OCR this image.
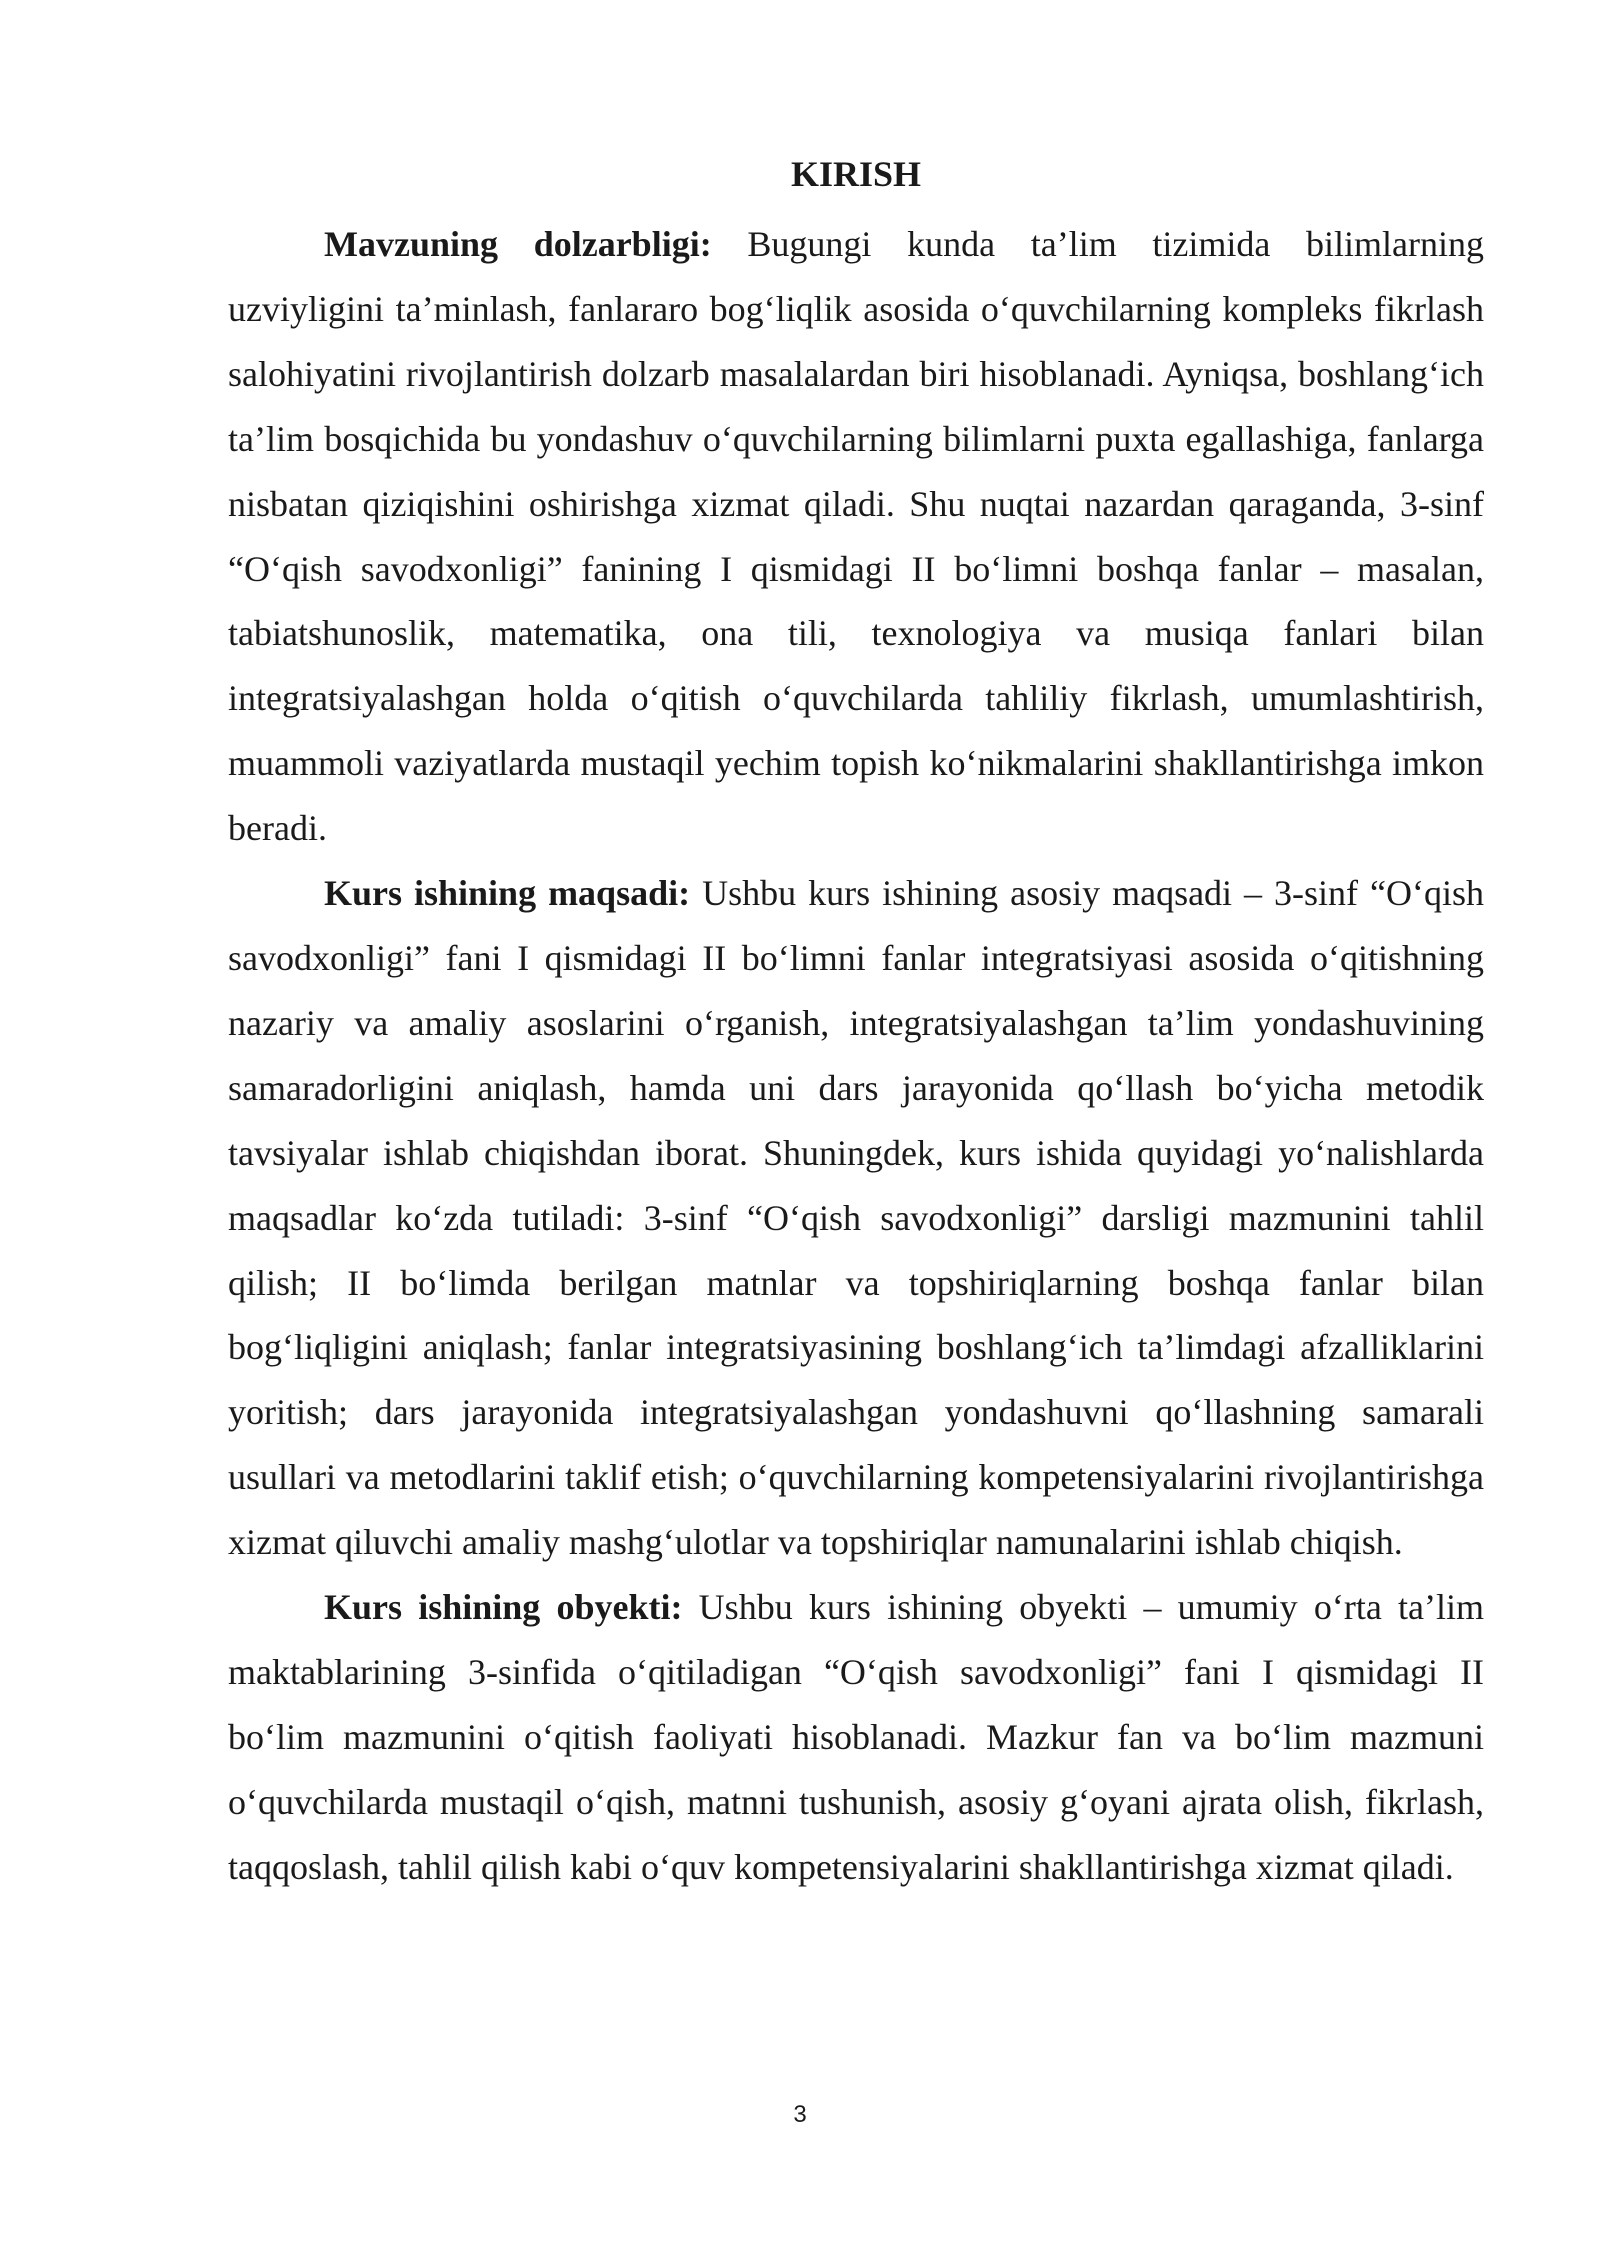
KIRISH

Mavzuning dolzarbligi: Bugungi kunda ta’lim tizimida bilimlarning uzviyligini ta’minlash, fanlararo bog‘liqlik asosida o‘quvchilarning kompleks fikrlash salohiyatini rivojlantirish dolzarb masalalardan biri hisoblanadi. Ayniqsa, boshlang‘ich ta’lim bosqichida bu yondashuv o‘quvchilarning bilimlarni puxta egallashiga, fanlarga nisbatan qiziqishini oshirishga xizmat qiladi. Shu nuqtai nazardan qaraganda, 3-sinf “O‘qish savodxonligi” fanining I qismidagi II bo‘limni boshqa fanlar – masalan, tabiatshunoslik, matematika, ona tili, texnologiya va musiqa fanlari bilan integratsiyalashgan holda o‘qitish o‘quvchilarda tahliliy fikrlash, umumlashtirish, muammoli vaziyatlarda mustaqil yechim topish ko‘nikmalarini shakllantirishga imkon beradi.

Kurs ishining maqsadi: Ushbu kurs ishining asosiy maqsadi – 3-sinf “O‘qish savodxonligi” fani I qismidagi II bo‘limni fanlar integratsiyasi asosida o‘qitishning nazariy va amaliy asoslarini o‘rganish, integratsiyalashgan ta’lim yondashuvining samaradorligini aniqlash, hamda uni dars jarayonida qo‘llash bo‘yicha metodik tavsiyalar ishlab chiqishdan iborat. Shuningdek, kurs ishida quyidagi yo‘nalishlarda maqsadlar ko‘zda tutiladi: 3-sinf “O‘qish savodxonligi” darsligi mazmunini tahlil qilish; II bo‘limda berilgan matnlar va topshiriqlarning boshqa fanlar bilan bog‘liqligini aniqlash; fanlar integratsiyasining boshlang‘ich ta’limdagi afzalliklarini yoritish; dars jarayonida integratsiyalashgan yondashuvni qo‘llashning samarali usullari va metodlarini taklif etish; o‘quvchilarning kompetensiyalarini rivojlantirishga xizmat qiluvchi amaliy mashg‘ulotlar va topshiriqlar namunalarini ishlab chiqish.

Kurs ishining obyekti: Ushbu kurs ishining obyekti – umumiy o‘rta ta’lim maktablarining 3-sinfida o‘qitiladigan “O‘qish savodxonligi” fani I qismidagi II bo‘lim mazmunini o‘qitish faoliyati hisoblanadi. Mazkur fan va bo‘lim mazmuni o‘quvchilarda mustaqil o‘qish, matnni tushunish, asosiy g‘oyani ajrata olish, fikrlash, taqqoslash, tahlil qilish kabi o‘quv kompetensiyalarini shakllantirishga xizmat qiladi.

3
